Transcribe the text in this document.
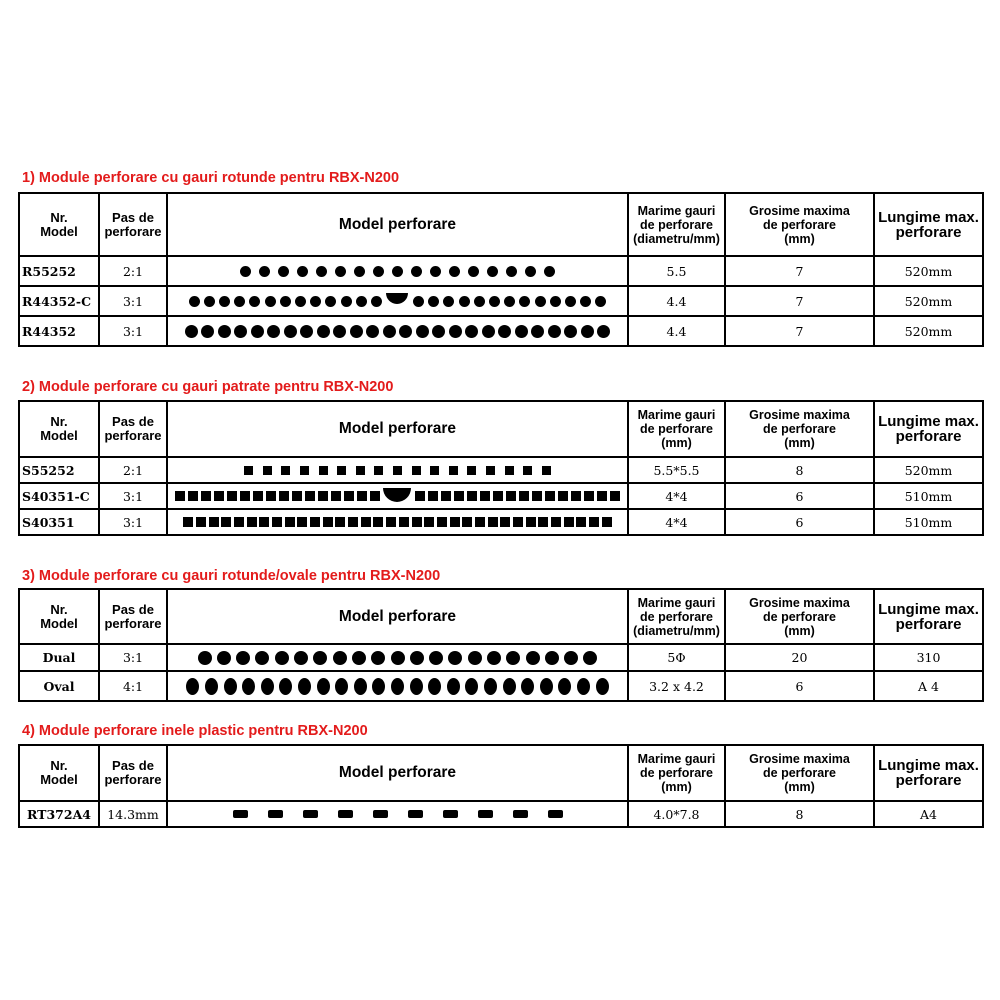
1) Module perforare cu gauri rotunde pentru RBX-N200
Nr.
Model	Pas de
perforare	Model perforare	Marime gauri
de perforare
(diametru/mm)	Grosime maxima
de perforare
(mm)	Lungime max.
perforare
R55252	2:1		5.5	7	520mm
R44352-C	3:1		4.4	7	520mm
R44352	3:1		4.4	7	520mm
2) Module perforare cu gauri patrate pentru RBX-N200
Nr.
Model	Pas de
perforare	Model perforare	Marime gauri
de perforare
(mm)	Grosime maxima
de perforare
(mm)	Lungime max.
perforare
S55252	2:1		5.5*5.5	8	520mm
S40351-C	3:1		4*4	6	510mm
S40351	3:1		4*4	6	510mm
3) Module perforare cu gauri rotunde/ovale pentru RBX-N200
Nr.
Model	Pas de
perforare	Model perforare	Marime gauri
de perforare
(diametru/mm)	Grosime maxima
de perforare
(mm)	Lungime max.
perforare
Dual	3:1		5Φ	20	310
Oval	4:1		3.2 x 4.2	6	A 4
4) Module perforare inele plastic pentru RBX-N200
Nr.
Model	Pas de
perforare	Model perforare	Marime gauri
de perforare
(mm)	Grosime maxima
de perforare
(mm)	Lungime max.
perforare
RT372A4	14.3mm		4.0*7.8	8	A4
